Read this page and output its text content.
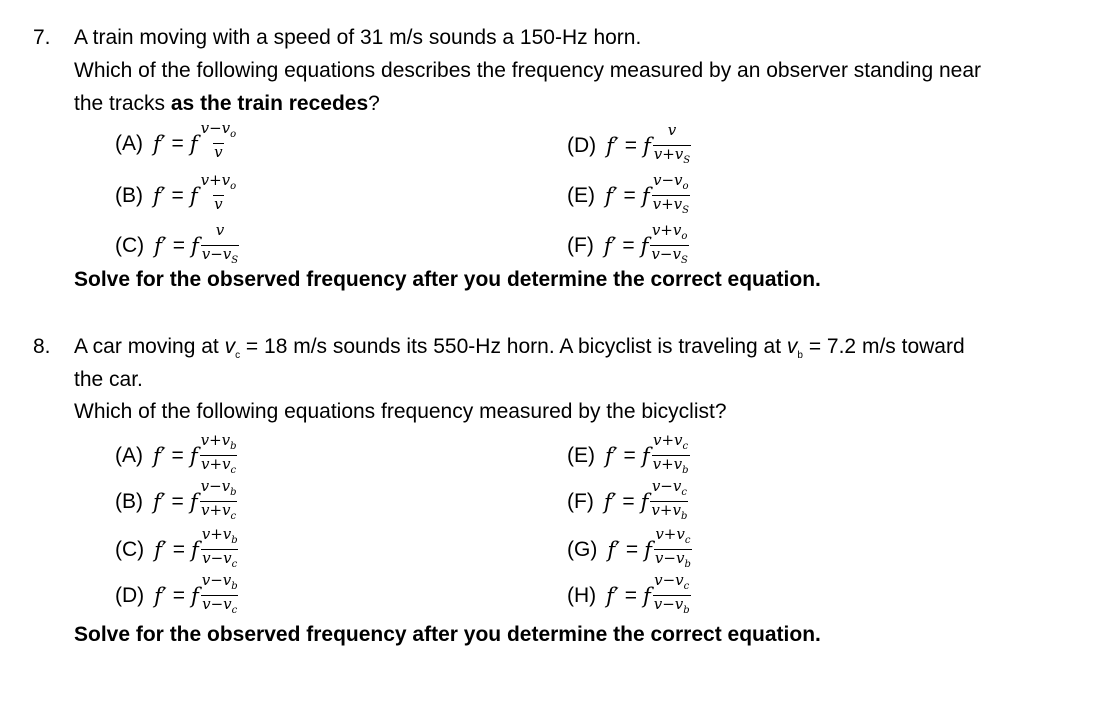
7. A train moving with a speed of 31 m/s sounds a 150-Hz horn.
Which of the following equations describes the frequency measured by an observer standing near
the tracks as the train recedes?
(A) f′ = f $\frac{v-v_o}{v}$
(B) f′ = f $\frac{v+v_o}{v}$
(C) f′ = f $\frac{v}{v-v_S}$
(D) f′ = f $\frac{v}{v+v_S}$
(E) f′ = f $\frac{v-v_o}{v+v_S}$
(F) f′ = f $\frac{v+v_o}{v-v_S}$
Solve for the observed frequency after you determine the correct equation.
8. A car moving at $v_c = 18$ m/s sounds its 550-Hz horn. A bicyclist is traveling at $v_b = 7.2$ m/s toward
the car.
Which of the following equations frequency measured by the bicyclist?
(A) f′ = f $\frac{v+v_b}{v+v_c}$
(B) f′ = f $\frac{v-v_b}{v+v_c}$
(C) f′ = f $\frac{v+v_b}{v-v_c}$
(D) f′ = f $\frac{v-v_b}{v-v_c}$
(E) f′ = f $\frac{v+v_c}{v+v_b}$
(F) f′ = f $\frac{v-v_c}{v+v_b}$
(G) f′ = f $\frac{v+v_c}{v-v_b}$
(H) f′ = f $\frac{v-v_c}{v-v_b}$
Solve for the observed frequency after you determine the correct equation.
